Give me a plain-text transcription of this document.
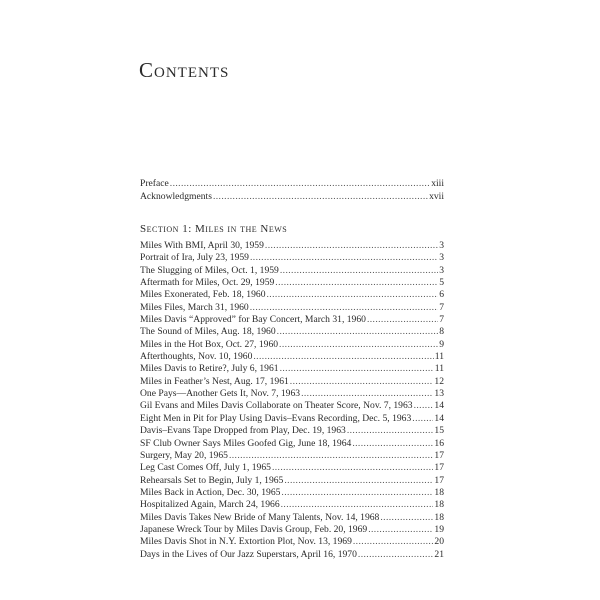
Contents
Preface .....	xiii
Acknowledgments .....	xvii
Section 1: Miles in the News
Miles With BMI, April 30, 1959 .....	3
Portrait of Ira, July 23, 1959 .....	3
The Slugging of Miles, Oct. 1, 1959 .....	3
Aftermath for Miles, Oct. 29, 1959 .....	5
Miles Exonerated, Feb. 18, 1960 .....	6
Miles Files, March 31, 1960 .....	7
Miles Davis “Approved” for Bay Concert, March 31, 1960 .....	7
The Sound of Miles, Aug. 18, 1960 .....	8
Miles in the Hot Box, Oct. 27, 1960 .....	9
Afterthoughts, Nov. 10, 1960 .....	11
Miles Davis to Retire?, July 6, 1961 .....	11
Miles in Feather’s Nest, Aug. 17, 1961 .....	12
One Pays—Another Gets It, Nov. 7, 1963 .....	13
Gil Evans and Miles Davis Collaborate on Theater Score, Nov. 7, 1963 ..... 14
Eight Men in Pit for Play Using Davis–Evans Recording, Dec. 5, 1963 ..... 14
Davis–Evans Tape Dropped from Play, Dec. 19, 1963 .....	15
SF Club Owner Says Miles Goofed Gig, June 18, 1964 .....	16
Surgery, May 20, 1965 .....	17
Leg Cast Comes Off, July 1, 1965 .....	17
Rehearsals Set to Begin, July 1, 1965 .....	17
Miles Back in Action, Dec. 30, 1965 .....	18
Hospitalized Again, March 24, 1966 .....	18
Miles Davis Takes New Bride of Many Talents, Nov. 14, 1968 .....	18
Japanese Wreck Tour by Miles Davis Group, Feb. 20, 1969 .....	19
Miles Davis Shot in N.Y. Extortion Plot, Nov. 13, 1969 .....	20
Days in the Lives of Our Jazz Superstars, April 16, 1970 .....	21
